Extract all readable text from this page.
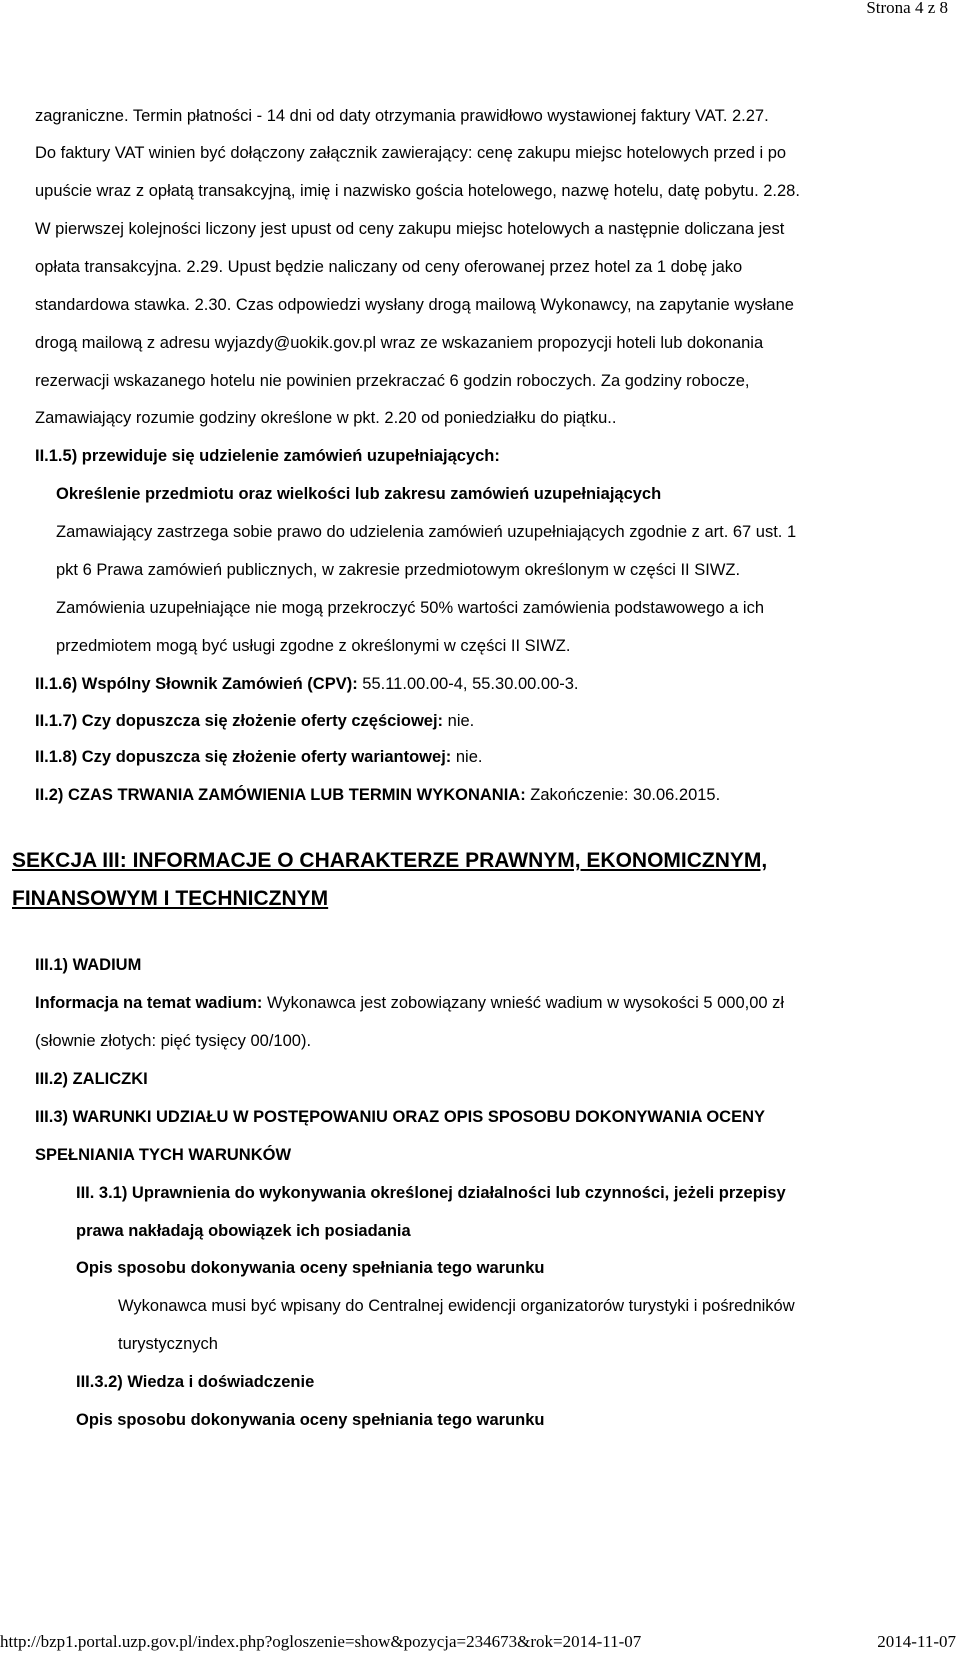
Strona 4 z 8
zagraniczne. Termin płatności - 14 dni od daty otrzymania prawidłowo wystawionej faktury VAT. 2.27.
Do faktury VAT winien być dołączony załącznik zawierający: cenę zakupu miejsc hotelowych przed i po
upuście wraz z opłatą transakcyjną, imię i nazwisko gościa hotelowego, nazwę hotelu, datę pobytu. 2.28.
W pierwszej kolejności liczony jest upust od ceny zakupu miejsc hotelowych a następnie doliczana jest
opłata transakcyjna. 2.29. Upust będzie naliczany od ceny oferowanej przez hotel za 1 dobę jako
standardowa stawka. 2.30. Czas odpowiedzi wysłany drogą mailową Wykonawcy, na zapytanie wysłane
drogą mailową z adresu wyjazdy@uokik.gov.pl wraz ze wskazaniem propozycji hoteli lub dokonania
rezerwacji wskazanego hotelu nie powinien przekraczać 6 godzin roboczych. Za godziny robocze,
Zamawiający rozumie godziny określone w pkt. 2.20 od poniedziałku do piątku..
II.1.5) przewiduje się udzielenie zamówień uzupełniających:
Określenie przedmiotu oraz wielkości lub zakresu zamówień uzupełniających
Zamawiający zastrzega sobie prawo do udzielenia zamówień uzupełniających zgodnie z art. 67 ust. 1
pkt 6 Prawa zamówień publicznych, w zakresie przedmiotowym określonym w części II SIWZ.
Zamówienia uzupełniające nie mogą przekroczyć 50% wartości zamówienia podstawowego a ich
przedmiotem mogą być usługi zgodne z określonymi w części II SIWZ.
II.1.6) Wspólny Słownik Zamówień (CPV): 55.11.00.00-4, 55.30.00.00-3.
II.1.7) Czy dopuszcza się złożenie oferty częściowej: nie.
II.1.8) Czy dopuszcza się złożenie oferty wariantowej: nie.
II.2) CZAS TRWANIA ZAMÓWIENIA LUB TERMIN WYKONANIA: Zakończenie: 30.06.2015.
SEKCJA III: INFORMACJE O CHARAKTERZE PRAWNYM, EKONOMICZNYM,
FINANSOWYM I TECHNICZNYM
III.1) WADIUM
Informacja na temat wadium: Wykonawca jest zobowiązany wnieść wadium w wysokości 5 000,00 zł
(słownie złotych: pięć tysięcy 00/100).
III.2) ZALICZKI
III.3) WARUNKI UDZIAŁU W POSTĘPOWANIU ORAZ OPIS SPOSOBU DOKONYWANIA OCENY
SPEŁNIANIA TYCH WARUNKÓW
III. 3.1) Uprawnienia do wykonywania określonej działalności lub czynności, jeżeli przepisy
prawa nakładają obowiązek ich posiadania
Opis sposobu dokonywania oceny spełniania tego warunku
Wykonawca musi być wpisany do Centralnej ewidencji organizatorów turystyki i pośredników
turystycznych
III.3.2) Wiedza i doświadczenie
Opis sposobu dokonywania oceny spełniania tego warunku
http://bzp1.portal.uzp.gov.pl/index.php?ogloszenie=show&pozycja=234673&rok=2014-11-07	2014-11-07
